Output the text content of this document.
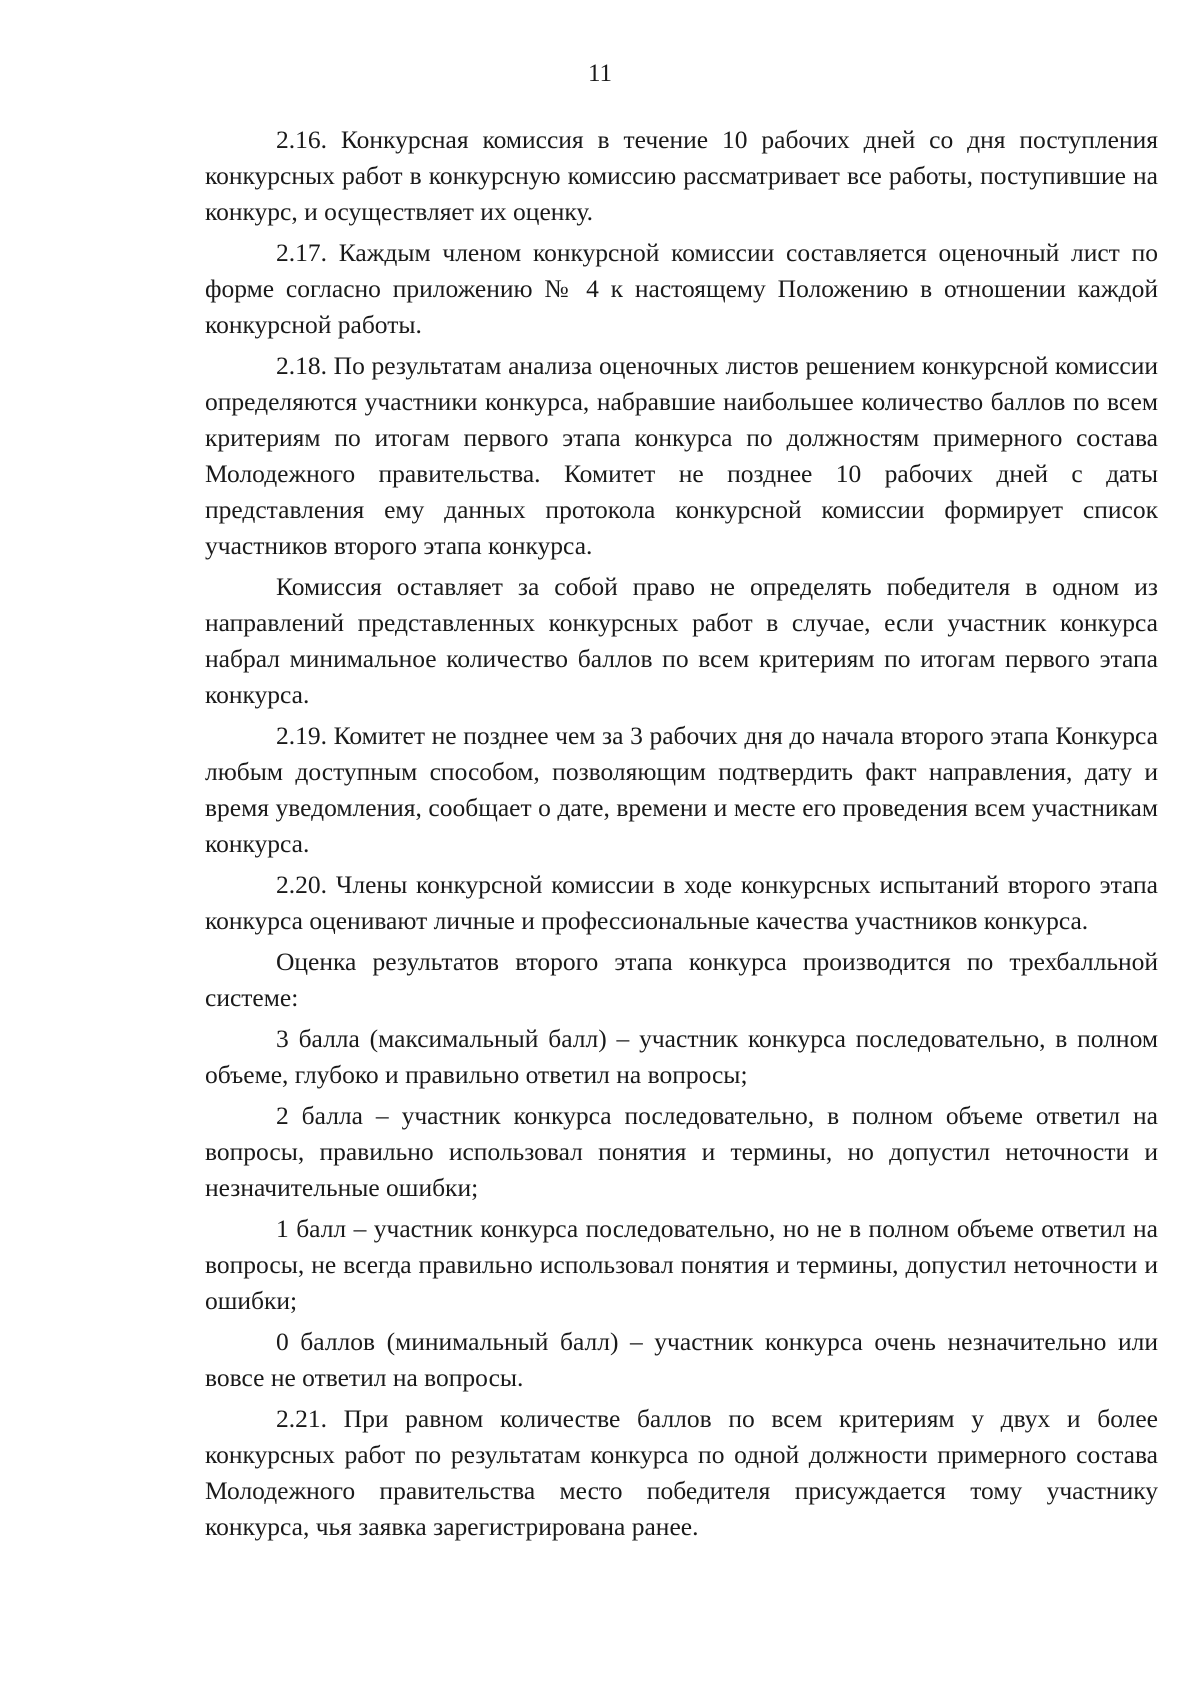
11

2.16. Конкурсная комиссия в течение 10 рабочих дней со дня поступления конкурсных работ в конкурсную комиссию рассматривает все работы, поступившие на конкурс, и осуществляет их оценку.

2.17. Каждым членом конкурсной комиссии составляется оценочный лист по форме согласно приложению № 4 к настоящему Положению в отношении каждой конкурсной работы.

2.18. По результатам анализа оценочных листов решением конкурсной комиссии определяются участники конкурса, набравшие наибольшее количество баллов по всем критериям по итогам первого этапа конкурса по должностям примерного состава Молодежного правительства. Комитет не позднее 10 рабочих дней с даты представления ему данных протокола конкурсной комиссии формирует список участников второго этапа конкурса.

Комиссия оставляет за собой право не определять победителя в одном из направлений представленных конкурсных работ в случае, если участник конкурса набрал минимальное количество баллов по всем критериям по итогам первого этапа конкурса.

2.19. Комитет не позднее чем за 3 рабочих дня до начала второго этапа Конкурса любым доступным способом, позволяющим подтвердить факт направления, дату и время уведомления, сообщает о дате, времени и месте его проведения всем участникам конкурса.

2.20. Члены конкурсной комиссии в ходе конкурсных испытаний второго этапа конкурса оценивают личные и профессиональные качества участников конкурса.

Оценка результатов второго этапа конкурса производится по трехбалльной системе:

3 балла (максимальный балл) – участник конкурса последовательно, в полном объеме, глубоко и правильно ответил на вопросы;

2 балла – участник конкурса последовательно, в полном объеме ответил на вопросы, правильно использовал понятия и термины, но допустил неточности и незначительные ошибки;

1 балл – участник конкурса последовательно, но не в полном объеме ответил на вопросы, не всегда правильно использовал понятия и термины, допустил неточности и ошибки;

0 баллов (минимальный балл) – участник конкурса очень незначительно или вовсе не ответил на вопросы.

2.21. При равном количестве баллов по всем критериям у двух и более конкурсных работ по результатам конкурса по одной должности примерного состава Молодежного правительства место победителя присуждается тому участнику конкурса, чья заявка зарегистрирована ранее.
